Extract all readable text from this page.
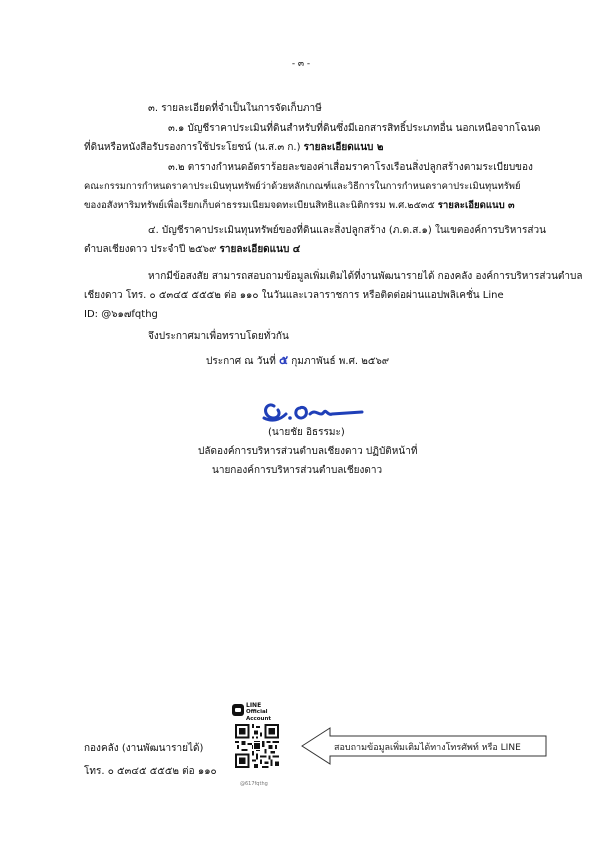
- ๓ -
๓. รายละเอียดที่จำเป็นในการจัดเก็บภาษี
๓.๑ บัญชีราคาประเมินที่ดินสำหรับที่ดินซึ่งมีเอกสารสิทธิ์ประเภทอื่น นอกเหนือจากโฉนด
ที่ดินหรือหนังสือรับรองการใช้ประโยชน์ (น.ส.๓ ก.) รายละเอียดแนบ ๒
๓.๒ ตารางกำหนดอัตราร้อยละของค่าเสื่อมราคาโรงเรือนสิ่งปลูกสร้างตามระเบียบของ
คณะกรรมการกำหนดราคาประเมินทุนทรัพย์ว่าด้วยหลักเกณฑ์และวิธีการในการกำหนดราคาประเมินทุนทรัพย์
ของอสังหาริมทรัพย์เพื่อเรียกเก็บค่าธรรมเนียมจดทะเบียนสิทธิและนิติกรรม พ.ศ.๒๕๓๕ รายละเอียดแนบ ๓
๔. บัญชีราคาประเมินทุนทรัพย์ของที่ดินและสิ่งปลูกสร้าง (ภ.ด.ส.๑) ในเขตองค์การบริหารส่วน
ตำบลเชียงดาว ประจำปี ๒๕๖๙ รายละเอียดแนบ ๔
หากมีข้อสงสัย สามารถสอบถามข้อมูลเพิ่มเติมได้ที่งานพัฒนารายได้ กองคลัง องค์การบริหารส่วนตำบล
เชียงดาว โทร. ๐ ๕๓๔๕ ๕๕๕๒ ต่อ ๑๑๐ ในวันและเวลาราชการ หรือติดต่อผ่านแอปพลิเคชั่น Line
ID: @๖๑๗fqthg
จึงประกาศมาเพื่อทราบโดยทั่วกัน
ประกาศ ณ วันที่ ๕ กุมภาพันธ์ พ.ศ. ๒๕๖๙
(นายชัย อิธรรมะ)
ปลัดองค์การบริหารส่วนตำบลเชียงดาว ปฏิบัติหน้าที่
นายกองค์การบริหารส่วนตำบลเชียงดาว
LINE
Official Account
@617fqthg
สอบถามข้อมูลเพิ่มเติมได้ทางโทรศัพท์ หรือ LINE
กองคลัง (งานพัฒนารายได้)
โทร. ๐ ๕๓๔๕ ๕๕๕๒ ต่อ ๑๑๐
